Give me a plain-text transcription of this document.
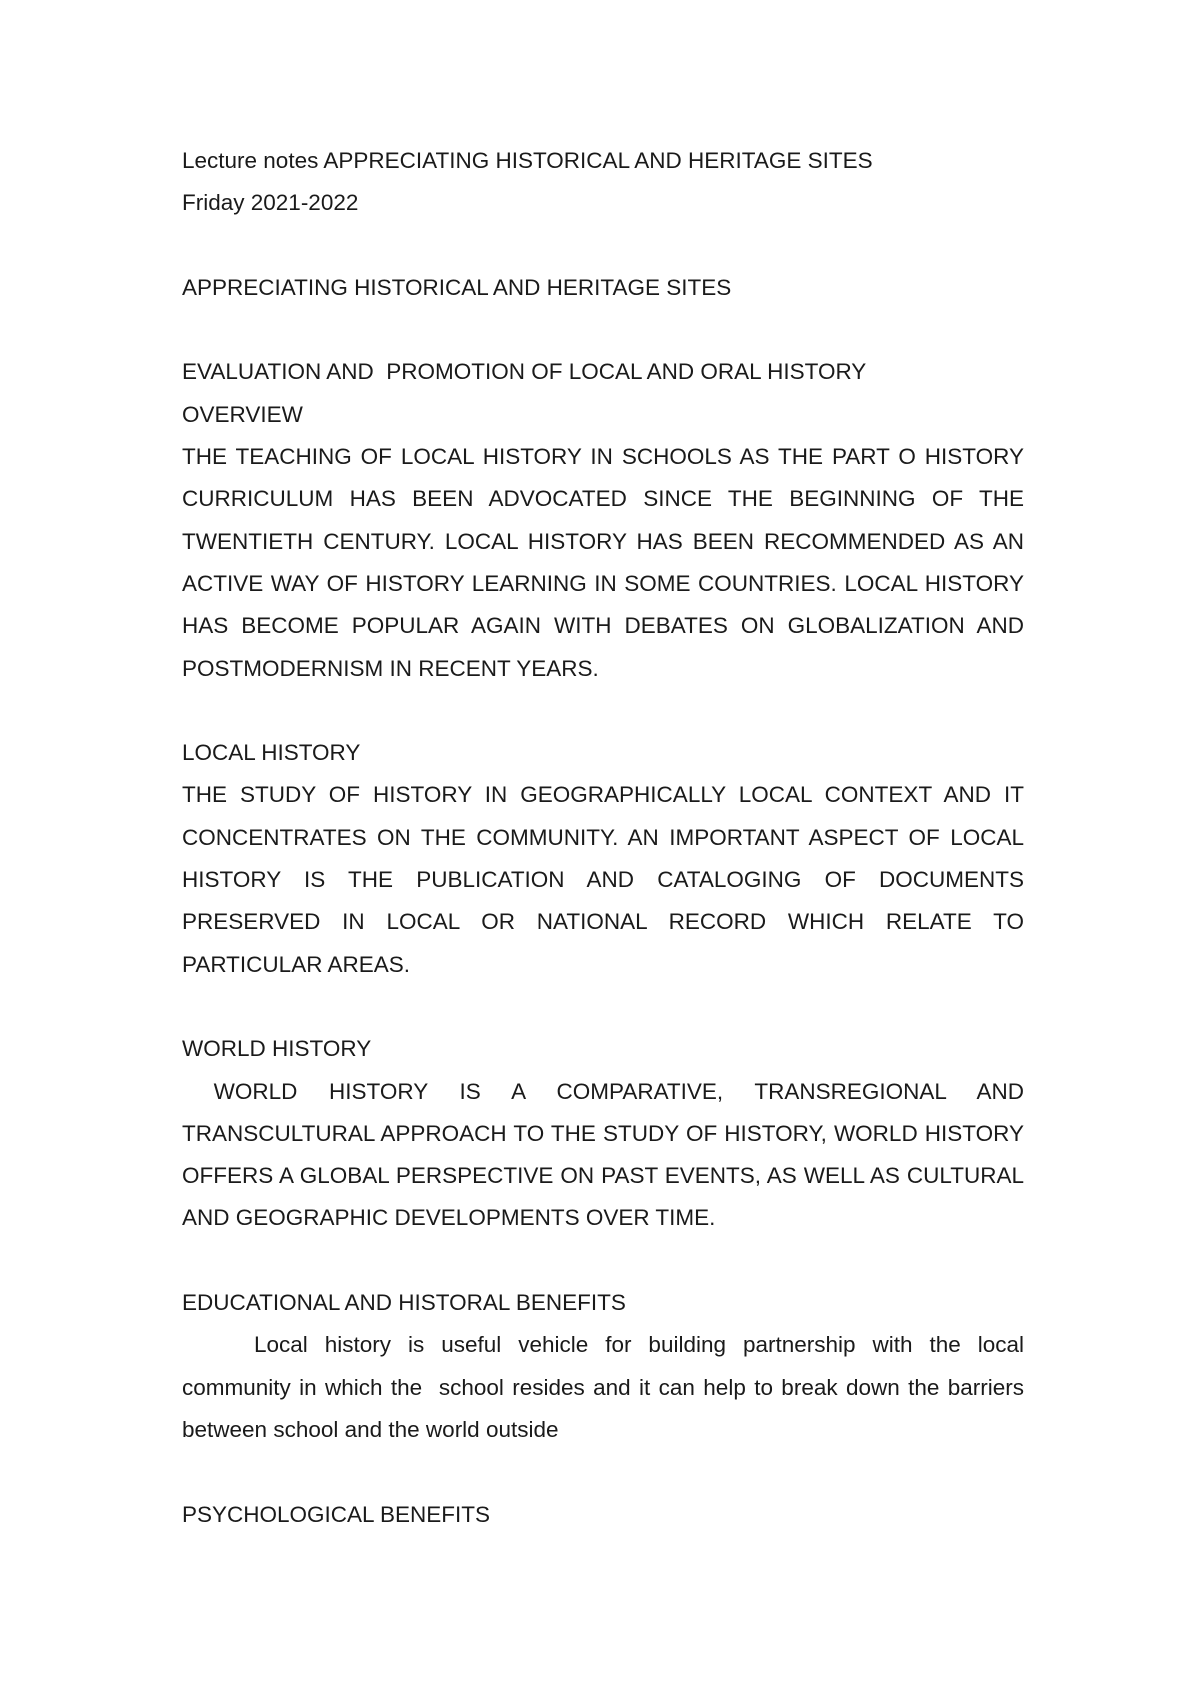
Lecture notes APPRECIATING HISTORICAL AND HERITAGE SITES

Friday 2021-2022

APPRECIATING HISTORICAL AND HERITAGE SITES

EVALUATION AND  PROMOTION OF LOCAL AND ORAL HISTORY

OVERVIEW

THE TEACHING OF LOCAL HISTORY IN SCHOOLS AS THE PART O HISTORY CURRICULUM HAS BEEN ADVOCATED SINCE THE BEGINNING OF THE TWENTIETH CENTURY. LOCAL HISTORY HAS BEEN RECOMMENDED AS AN ACTIVE WAY OF HISTORY LEARNING IN SOME COUNTRIES. LOCAL HISTORY HAS BECOME POPULAR AGAIN WITH DEBATES ON GLOBALIZATION AND POSTMODERNISM IN RECENT YEARS.

LOCAL HISTORY

THE STUDY OF HISTORY IN GEOGRAPHICALLY LOCAL CONTEXT AND IT CONCENTRATES ON THE COMMUNITY. AN IMPORTANT ASPECT OF LOCAL HISTORY IS THE PUBLICATION AND CATALOGING OF DOCUMENTS PRESERVED IN LOCAL OR NATIONAL RECORD WHICH RELATE TO PARTICULAR AREAS.

WORLD HISTORY

WORLD HISTORY IS A COMPARATIVE, TRANSREGIONAL AND TRANSCULTURAL APPROACH TO THE STUDY OF HISTORY, WORLD HISTORY OFFERS A GLOBAL PERSPECTIVE ON PAST EVENTS, AS WELL AS CULTURAL AND GEOGRAPHIC DEVELOPMENTS OVER TIME.

EDUCATIONAL AND HISTORAL BENEFITS

Local history is useful vehicle for building partnership with the local community in which the  school resides and it can help to break down the barriers between school and the world outside

PSYCHOLOGICAL BENEFITS
